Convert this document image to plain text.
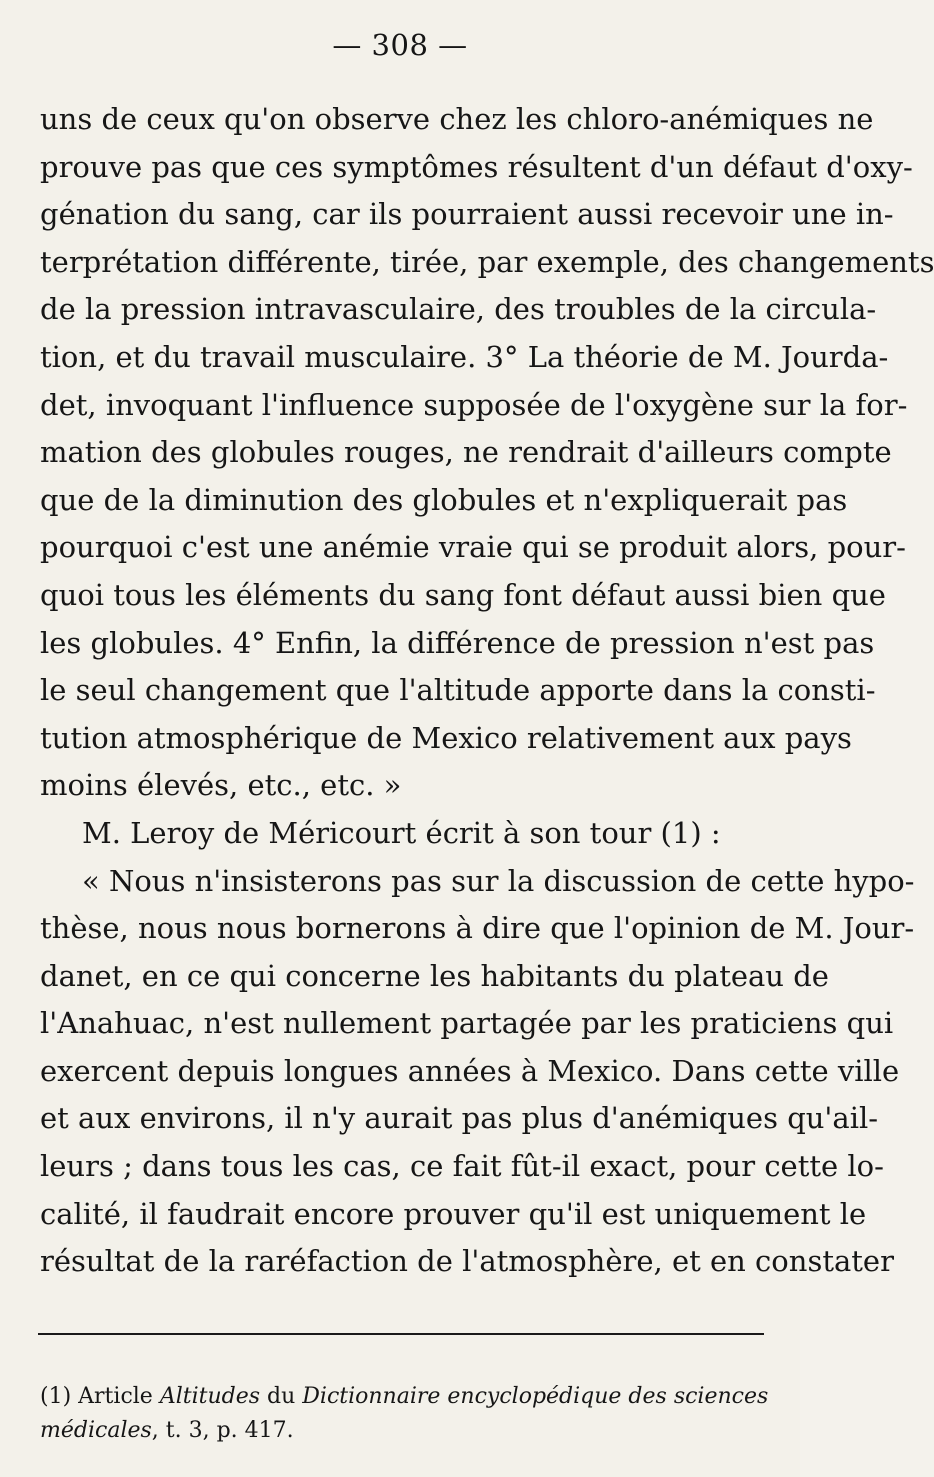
— 308 —
uns de ceux qu'on observe chez les chloro-anémiques ne
prouve pas que ces symptômes résultent d'un défaut d'oxy-
génation du sang, car ils pourraient aussi recevoir une in-
terprétation différente, tirée, par exemple, des changements
de la pression intravasculaire, des troubles de la circula-
tion, et du travail musculaire. 3° La théorie de M. Jourda-
det, invoquant l'influence supposée de l'oxygène sur la for-
mation des globules rouges, ne rendrait d'ailleurs compte
que de la diminution des globules et n'expliquerait pas
pourquoi c'est une anémie vraie qui se produit alors, pour-
quoi tous les éléments du sang font défaut aussi bien que
les globules. 4° Enfin, la différence de pression n'est pas
le seul changement que l'altitude apporte dans la consti-
tution atmosphérique de Mexico relativement aux pays
moins élevés, etc., etc. »
M. Leroy de Méricourt écrit à son tour (1) :
« Nous n'insisterons pas sur la discussion de cette hypo-
thèse, nous nous bornerons à dire que l'opinion de M. Jour-
danet, en ce qui concerne les habitants du plateau de
l'Anahuac, n'est nullement partagée par les praticiens qui
exercent depuis longues années à Mexico. Dans cette ville
et aux environs, il n'y aurait pas plus d'anémiques qu'ail-
leurs ; dans tous les cas, ce fait fût-il exact, pour cette lo-
calité, il faudrait encore prouver qu'il est uniquement le
résultat de la raréfaction de l'atmosphère, et en constater
(1) Article Altitudes du Dictionnaire encyclopédique des sciences
médicales, t. 3, p. 417.
